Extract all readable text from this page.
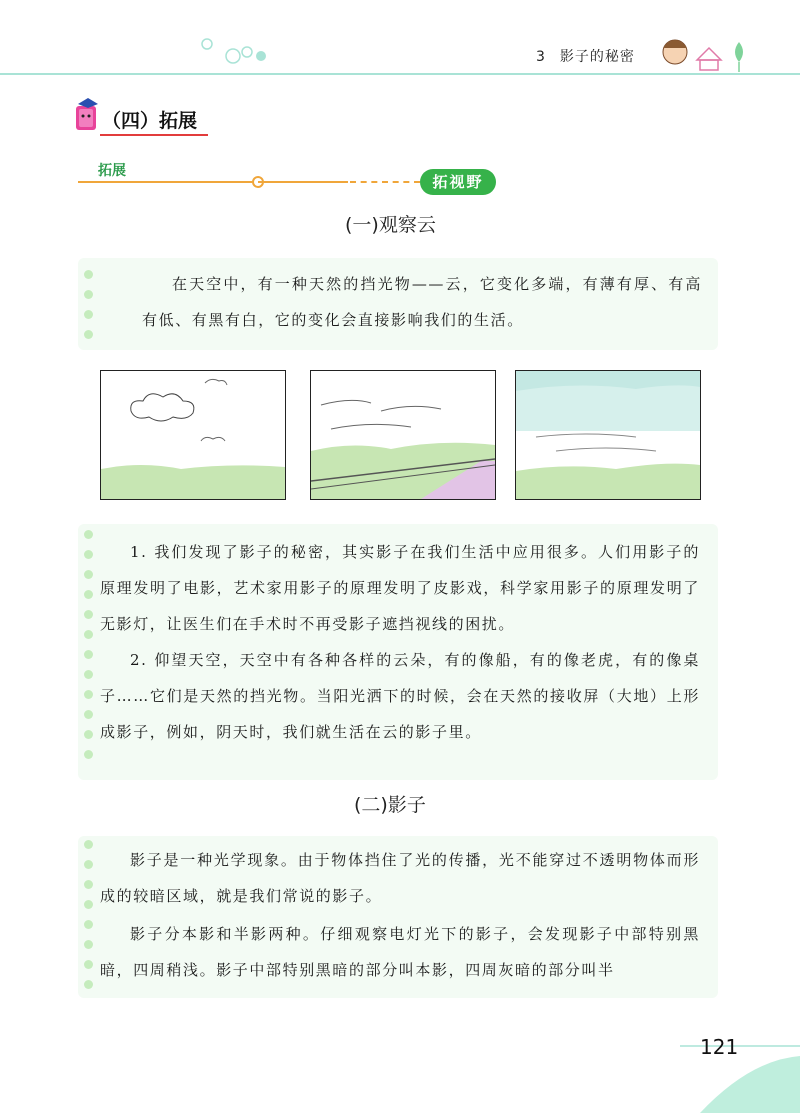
3 影子的秘密
（四）拓展
拓展
拓视野
(一)观察云

在天空中，有一种天然的挡光物——云，它变化多端，有薄有厚、有高有低、有黑有白，它的变化会直接影响我们的生活。

1. 我们发现了影子的秘密，其实影子在我们生活中应用很多。人们用影子的原理发明了电影，艺术家用影子的原理发明了皮影戏，科学家用影子的原理发明了无影灯，让医生们在手术时不再受影子遮挡视线的困扰。

2. 仰望天空，天空中有各种各样的云朵，有的像船，有的像老虎，有的像桌子……它们是天然的挡光物。当阳光洒下的时候，会在天然的接收屏（大地）上形成影子，例如，阴天时，我们就生活在云的影子里。

(二)影子

影子是一种光学现象。由于物体挡住了光的传播，光不能穿过不透明物体而形成的较暗区域，就是我们常说的影子。

影子分本影和半影两种。仔细观察电灯光下的影子，会发现影子中部特别黑暗，四周稍浅。影子中部特别黑暗的部分叫本影，四周灰暗的部分叫半

121
